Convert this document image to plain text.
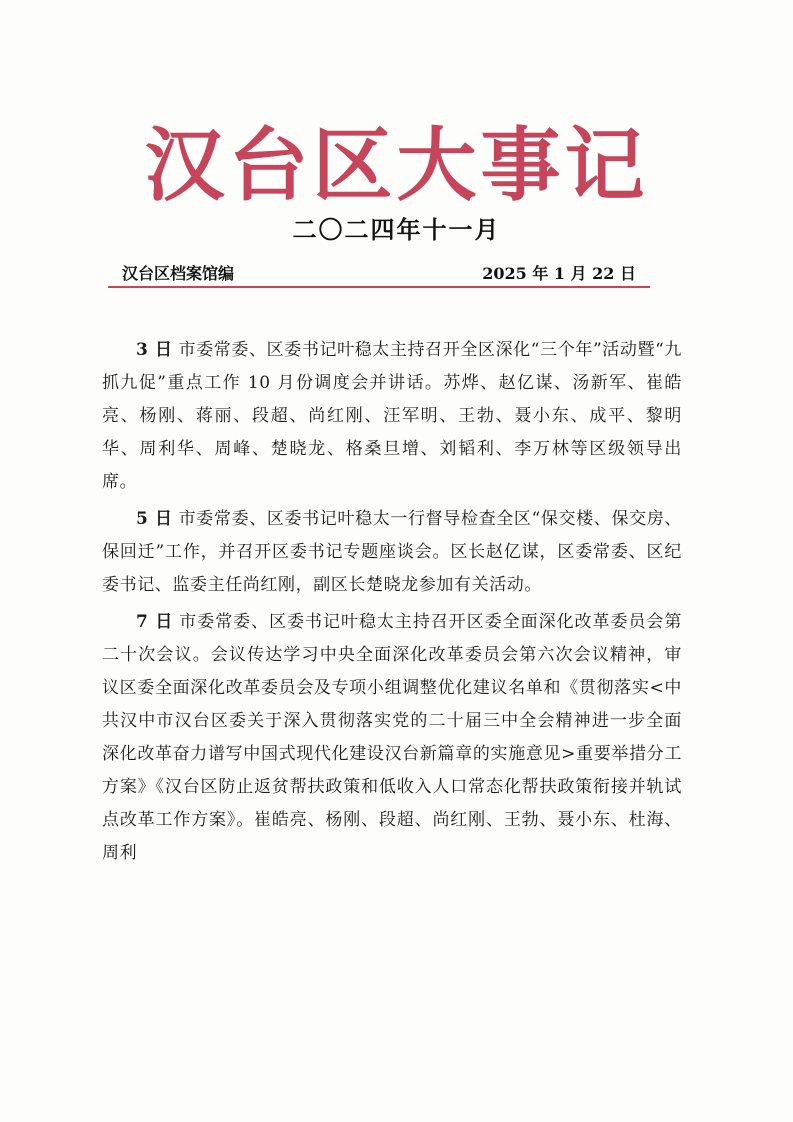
汉台区大事记
二〇二四年十一月
汉台区档案馆编	2025 年 1 月 22 日

3 日 市委常委、区委书记叶稳太主持召开全区深化“三个年”活动暨“九抓九促”重点工作 10 月份调度会并讲话。苏烨、赵亿谋、汤新军、崔皓亮、杨刚、蒋丽、段超、尚红刚、汪军明、王勃、聂小东、成平、黎明华、周利华、周峰、楚晓龙、格桑旦增、刘韬利、李万林等区级领导出席。

5 日 市委常委、区委书记叶稳太一行督导检查全区“保交楼、保交房、保回迁”工作，并召开区委书记专题座谈会。区长赵亿谋，区委常委、区纪委书记、监委主任尚红刚，副区长楚晓龙参加有关活动。

7 日 市委常委、区委书记叶稳太主持召开区委全面深化改革委员会第二十次会议。会议传达学习中央全面深化改革委员会第六次会议精神，审议区委全面深化改革委员会及专项小组调整优化建议名单和《贯彻落实<中共汉中市汉台区委关于深入贯彻落实党的二十届三中全会精神进一步全面深化改革奋力谱写中国式现代化建设汉台新篇章的实施意见>重要举措分工方案》《汉台区防止返贫帮扶政策和低收入人口常态化帮扶政策衔接并轨试点改革工作方案》。崔皓亮、杨刚、段超、尚红刚、王勃、聂小东、杜海、周利
